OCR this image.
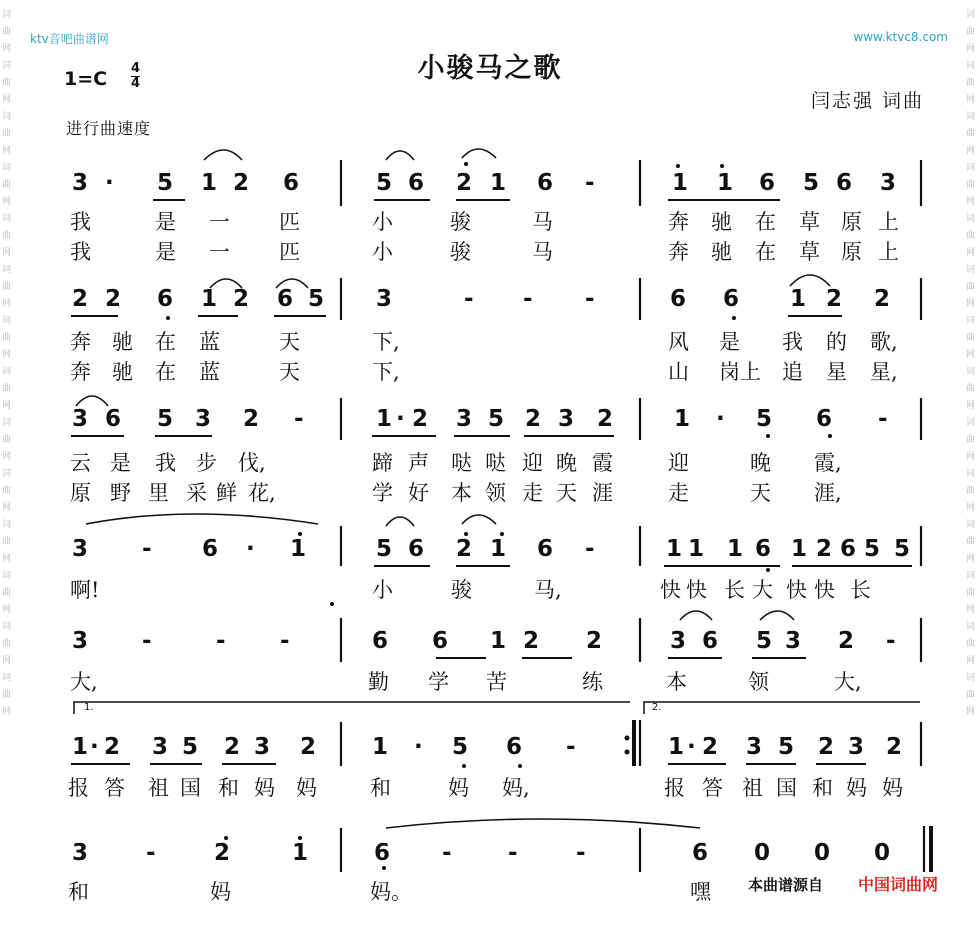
ktv音吧曲谱网	www.ktvc8.com
词
曲
网
词
曲
网
词
曲
网
词
曲
网
词
曲
网
词
曲
网
词
曲
网
词
曲
网
词
曲
网
词
曲
网
词
曲
网
词
曲
网
词
曲
网
词
曲
网
词
曲
网
词
曲
网
词
曲
网
词
曲
网
词
曲
网
词
曲
网
词
曲
网
词
曲
网
词
曲
网
词
曲
网
词
曲
网
词
曲
网
词
曲
网
词
曲
网
小骏马之歌
1=C 4
4
闫志强 词曲
进行曲速度
3 · 5 1 2 6	5 6 2 1 6 -	1 1 6 5 6 3
我	是 一 匹	小	骏	马	奔 驰 在 草 原 上
我	是 一 匹	小	骏	马	奔 驰 在 草 原 上
2 2 6 1 2 6 5 3	- - -	6 6 1 2 2
奔 驰 在 蓝	天	下,	风 是 我 的 歌,
奔 驰 在 蓝	天	下,	山 岗上 追 星 星,
3 6 5 3 2 -	1 · 2 3 5 2 3 2	1 · 5 6 -
云 是 我 步 伐,	蹄 声 哒 哒 迎 晚 霞	迎	晚 霞,
原 野 里 采 鲜 花,	学 好 本 领 走 天 涯	走	天 涯,
3 - 6 · 1	5 6 2 1 6 -	1 1 1 6 1 2 6 5 5
啊!	小	骏	马,	快 快 长 大 快 快 长
3 -	- -	6 6 1 2 2	3 6 5 3 2 -
大,	勤 学 苦	练	本	领	大,
1.	2.
1 · 2 3 5 2 3 2 1 · 5 6 -	1 · 2 3 5 2 3 2
报 答 祖 国 和 妈 妈	和	妈 妈,	报 答 祖 国 和 妈 妈
3	-	2	1	6 - -	-	6 0 0 0
和	妈	妈。	嘿 本曲谱源自 中国词曲网
